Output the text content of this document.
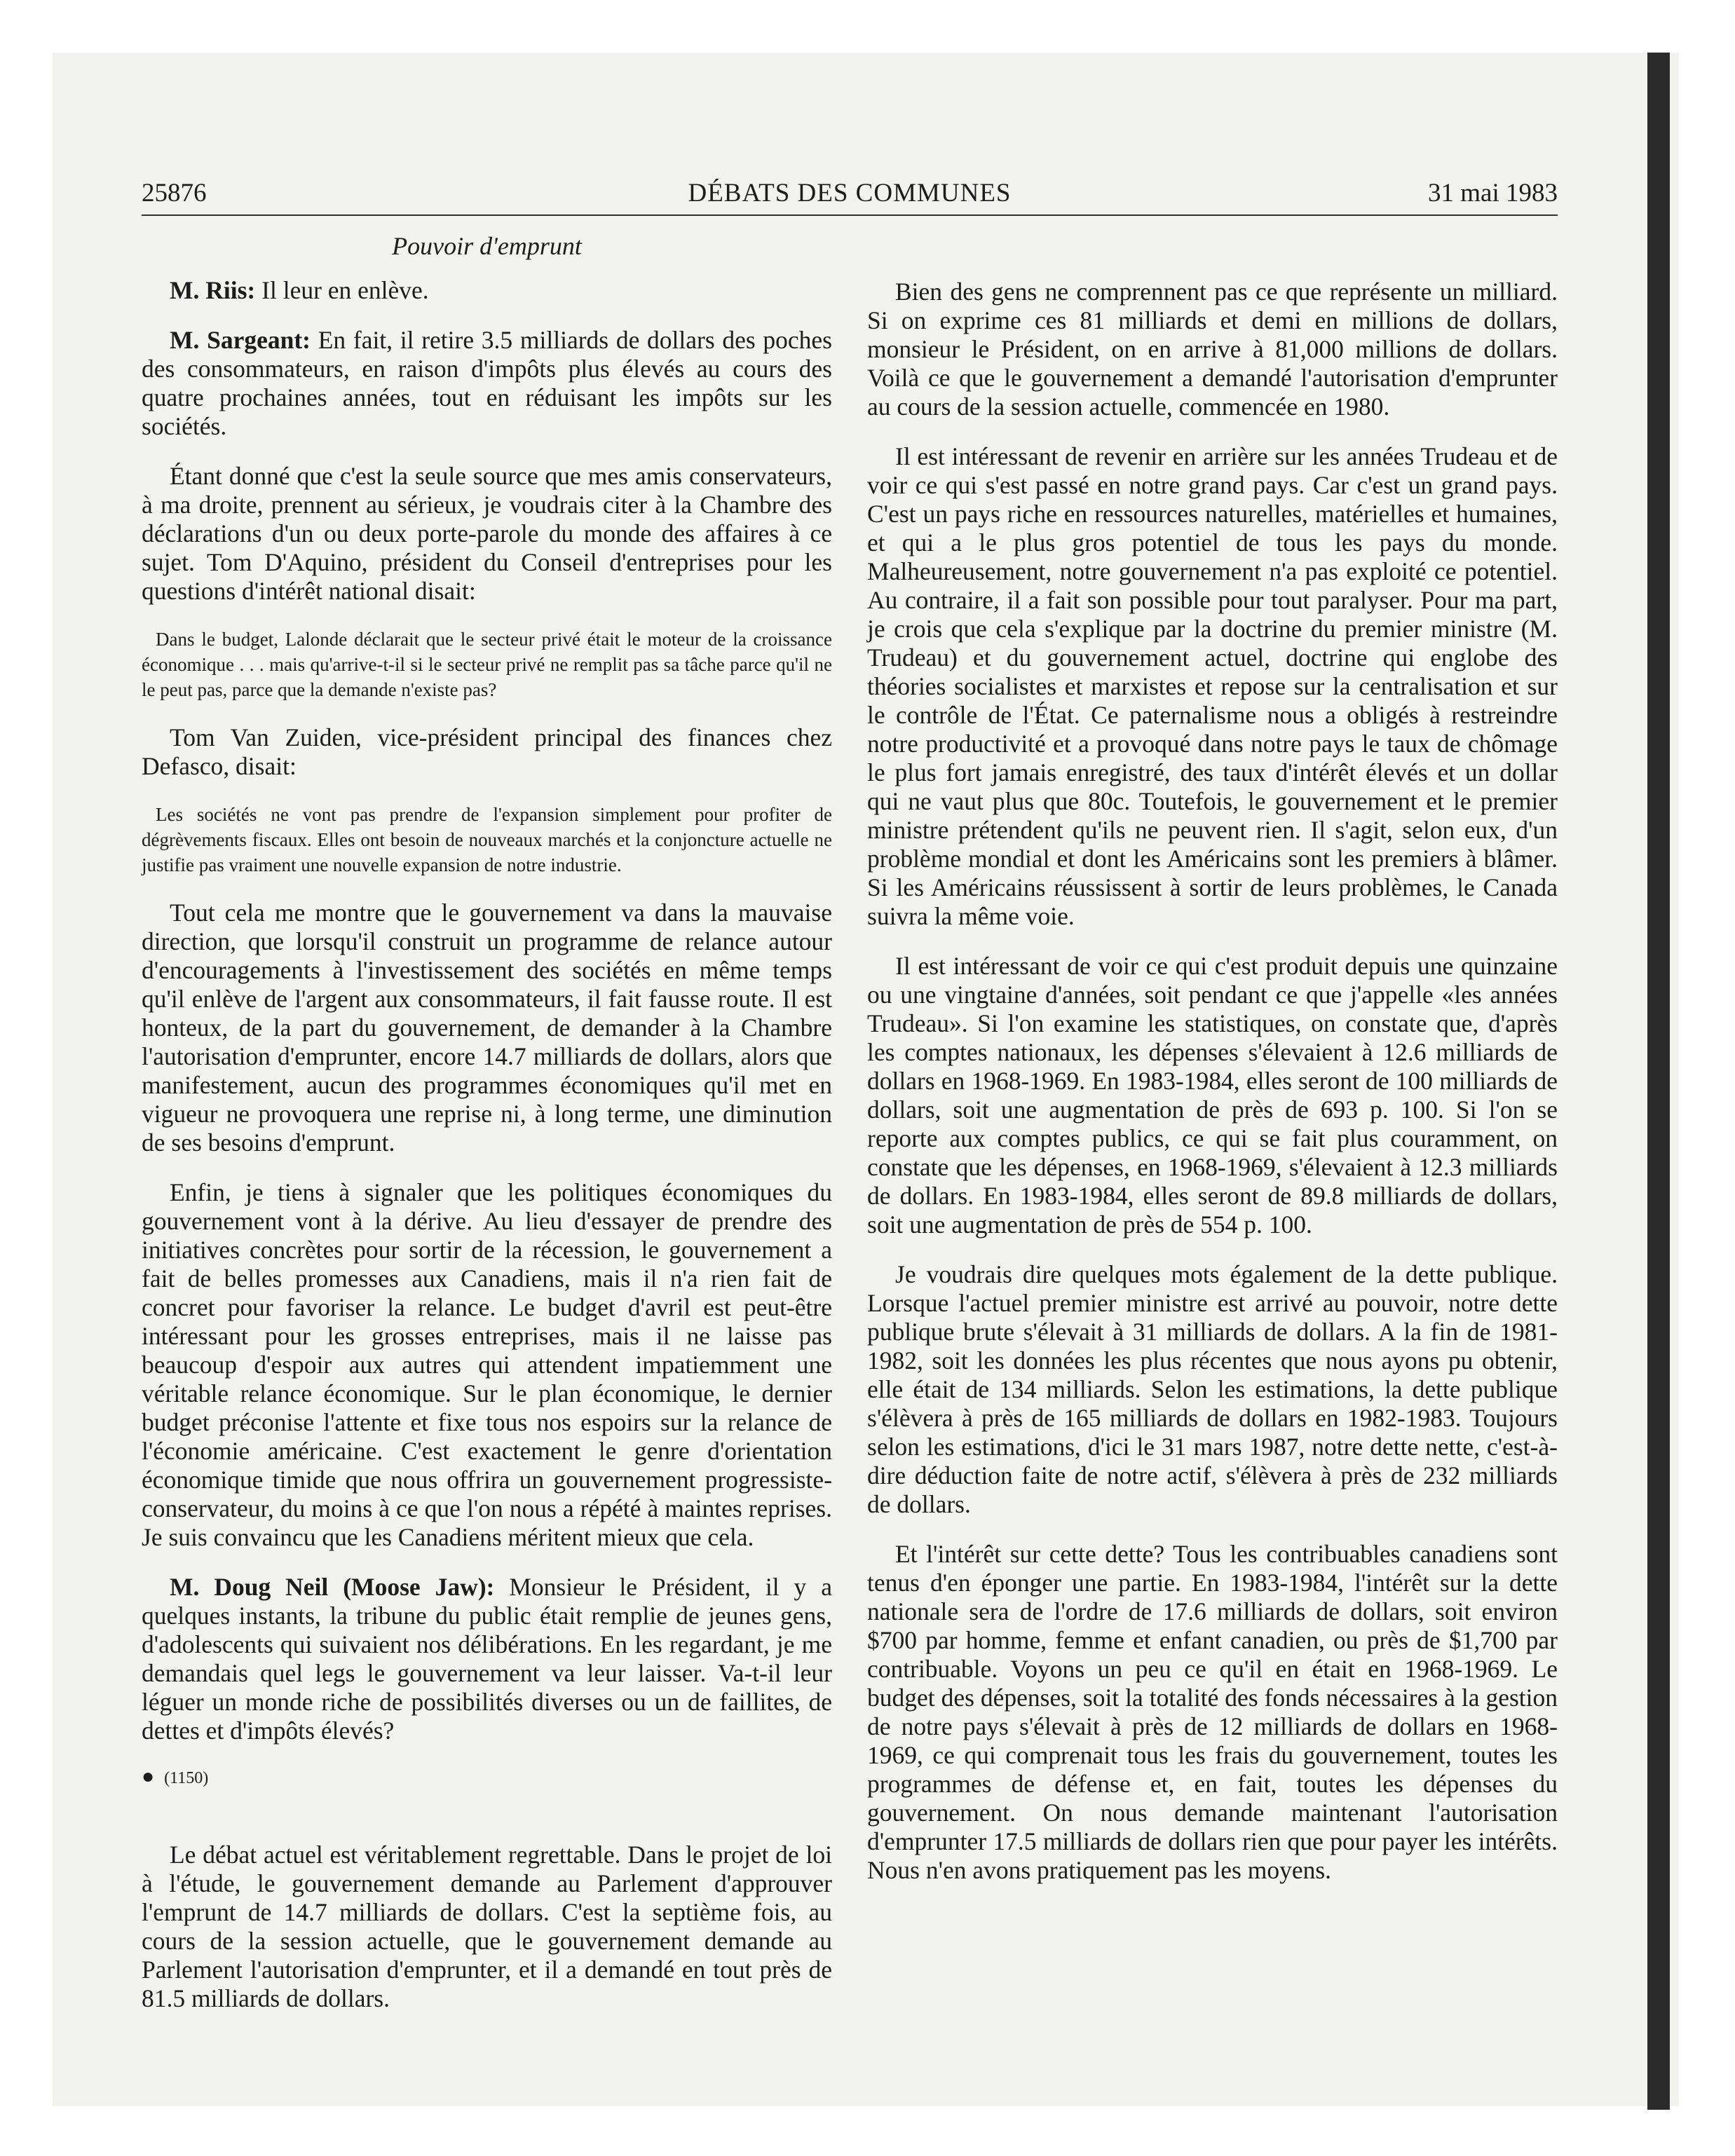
DÉBATS DES COMMUNES
25876	31 mai 1983
Pouvoir d'emprunt

M. Riis: Il leur en enlève.

M. Sargeant: En fait, il retire 3.5 milliards de dollars des poches des consommateurs, en raison d'impôts plus élevés au cours des quatre prochaines années, tout en réduisant les impôts sur les sociétés.

Étant donné que c'est la seule source que mes amis conservateurs, à ma droite, prennent au sérieux, je voudrais citer à la Chambre des déclarations d'un ou deux porte-parole du monde des affaires à ce sujet. Tom D'Aquino, président du Conseil d'entreprises pour les questions d'intérêt national disait:

Dans le budget, Lalonde déclarait que le secteur privé était le moteur de la croissance économique . . . mais qu'arrive-t-il si le secteur privé ne remplit pas sa tâche parce qu'il ne le peut pas, parce que la demande n'existe pas?

Tom Van Zuiden, vice-président principal des finances chez Defasco, disait:

Les sociétés ne vont pas prendre de l'expansion simplement pour profiter de dégrèvements fiscaux. Elles ont besoin de nouveaux marchés et la conjoncture actuelle ne justifie pas vraiment une nouvelle expansion de notre industrie.

Tout cela me montre que le gouvernement va dans la mauvaise direction, que lorsqu'il construit un programme de relance autour d'encouragements à l'investissement des sociétés en même temps qu'il enlève de l'argent aux consommateurs, il fait fausse route. Il est honteux, de la part du gouvernement, de demander à la Chambre l'autorisation d'emprunter, encore 14.7 milliards de dollars, alors que manifestement, aucun des programmes économiques qu'il met en vigueur ne provoquera une reprise ni, à long terme, une diminution de ses besoins d'emprunt.

Enfin, je tiens à signaler que les politiques économiques du gouvernement vont à la dérive. Au lieu d'essayer de prendre des initiatives concrètes pour sortir de la récession, le gouvernement a fait de belles promesses aux Canadiens, mais il n'a rien fait de concret pour favoriser la relance. Le budget d'avril est peut-être intéressant pour les grosses entreprises, mais il ne laisse pas beaucoup d'espoir aux autres qui attendent impatiemment une véritable relance économique. Sur le plan économique, le dernier budget préconise l'attente et fixe tous nos espoirs sur la relance de l'économie américaine. C'est exactement le genre d'orientation économique timide que nous offrira un gouvernement progressiste-conservateur, du moins à ce que l'on nous a répété à maintes reprises. Je suis convaincu que les Canadiens méritent mieux que cela.

M. Doug Neil (Moose Jaw): Monsieur le Président, il y a quelques instants, la tribune du public était remplie de jeunes gens, d'adolescents qui suivaient nos délibérations. En les regardant, je me demandais quel legs le gouvernement va leur laisser. Va-t-il leur léguer un monde riche de possibilités diverses ou un de faillites, de dettes et d'impôts élevés?

● (1150)

Le débat actuel est véritablement regrettable. Dans le projet de loi à l'étude, le gouvernement demande au Parlement d'approuver l'emprunt de 14.7 milliards de dollars. C'est la septième fois, au cours de la session actuelle, que le gouvernement demande au Parlement l'autorisation d'emprunter, et il a demandé en tout près de 81.5 milliards de dollars.

Bien des gens ne comprennent pas ce que représente un milliard. Si on exprime ces 81 milliards et demi en millions de dollars, monsieur le Président, on en arrive à 81,000 millions de dollars. Voilà ce que le gouvernement a demandé l'autorisation d'emprunter au cours de la session actuelle, commencée en 1980.

Il est intéressant de revenir en arrière sur les années Trudeau et de voir ce qui s'est passé en notre grand pays. Car c'est un grand pays. C'est un pays riche en ressources naturelles, matérielles et humaines, et qui a le plus gros potentiel de tous les pays du monde. Malheureusement, notre gouvernement n'a pas exploité ce potentiel. Au contraire, il a fait son possible pour tout paralyser. Pour ma part, je crois que cela s'explique par la doctrine du premier ministre (M. Trudeau) et du gouvernement actuel, doctrine qui englobe des théories socialistes et marxistes et repose sur la centralisation et sur le contrôle de l'État. Ce paternalisme nous a obligés à restreindre notre productivité et a provoqué dans notre pays le taux de chômage le plus fort jamais enregistré, des taux d'intérêt élevés et un dollar qui ne vaut plus que 80c. Toutefois, le gouvernement et le premier ministre prétendent qu'ils ne peuvent rien. Il s'agit, selon eux, d'un problème mondial et dont les Américains sont les premiers à blâmer. Si les Américains réussissent à sortir de leurs problèmes, le Canada suivra la même voie.

Il est intéressant de voir ce qui c'est produit depuis une quinzaine ou une vingtaine d'années, soit pendant ce que j'appelle «les années Trudeau». Si l'on examine les statistiques, on constate que, d'après les comptes nationaux, les dépenses s'élevaient à 12.6 milliards de dollars en 1968-1969. En 1983-1984, elles seront de 100 milliards de dollars, soit une augmentation de près de 693 p. 100. Si l'on se reporte aux comptes publics, ce qui se fait plus couramment, on constate que les dépenses, en 1968-1969, s'élevaient à 12.3 milliards de dollars. En 1983-1984, elles seront de 89.8 milliards de dollars, soit une augmentation de près de 554 p. 100.

Je voudrais dire quelques mots également de la dette publique. Lorsque l'actuel premier ministre est arrivé au pouvoir, notre dette publique brute s'élevait à 31 milliards de dollars. A la fin de 1981-1982, soit les données les plus récentes que nous ayons pu obtenir, elle était de 134 milliards. Selon les estimations, la dette publique s'élèvera à près de 165 milliards de dollars en 1982-1983. Toujours selon les estimations, d'ici le 31 mars 1987, notre dette nette, c'est-à-dire déduction faite de notre actif, s'élèvera à près de 232 milliards de dollars.

Et l'intérêt sur cette dette? Tous les contribuables canadiens sont tenus d'en éponger une partie. En 1983-1984, l'intérêt sur la dette nationale sera de l'ordre de 17.6 milliards de dollars, soit environ $700 par homme, femme et enfant canadien, ou près de $1,700 par contribuable. Voyons un peu ce qu'il en était en 1968-1969. Le budget des dépenses, soit la totalité des fonds nécessaires à la gestion de notre pays s'élevait à près de 12 milliards de dollars en 1968-1969, ce qui comprenait tous les frais du gouvernement, toutes les programmes de défense et, en fait, toutes les dépenses du gouvernement. On nous demande maintenant l'autorisation d'emprunter 17.5 milliards de dollars rien que pour payer les intérêts. Nous n'en avons pratiquement pas les moyens.
